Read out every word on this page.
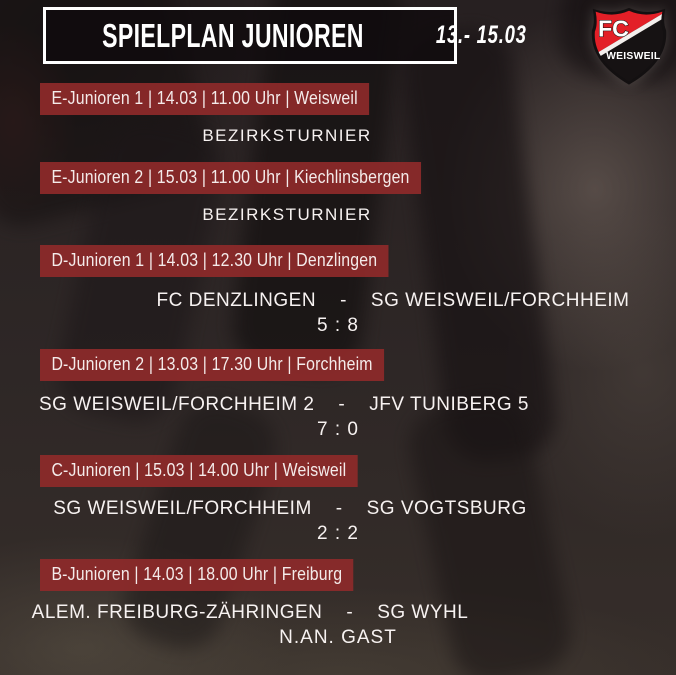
SPIELPLAN JUNIOREN	13.- 15.03	FC
WEISWEIL
E-Junioren 1 | 14.03 | 11.00 Uhr | Weisweil
BEZIRKSTURNIER
E-Junioren 2 | 15.03 | 11.00 Uhr | Kiechlinsbergen
BEZIRKSTURNIER
D-Junioren 1 | 14.03 | 12.30 Uhr | Denzlingen
FC DENZLINGEN - SG WEISWEIL/FORCHHEIM
5 : 8
D-Junioren 2 | 13.03 | 17.30 Uhr | Forchheim
SG WEISWEIL/FORCHHEIM 2 - JFV TUNIBERG 5
7 : 0
C-Junioren | 15.03 | 14.00 Uhr | Weisweil
SG WEISWEIL/FORCHHEIM - SG VOGTSBURG
2 : 2
B-Junioren | 14.03 | 18.00 Uhr | Freiburg
ALEM. FREIBURG-ZÄHRINGEN - SG WYHL
N.AN. GAST
